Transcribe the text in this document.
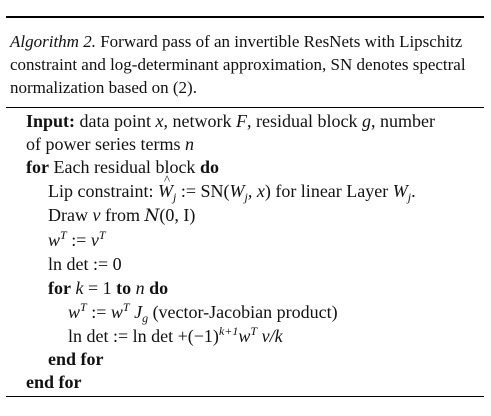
Algorithm 2. Forward pass of an invertible ResNets with Lipschitz constraint and log-determinant approximation, SN denotes spectral normalization based on (2).

Input: data point x, network F, residual block g, number
of power series terms n
for Each residual block do
Lip constraint: ^ $W_j$ := $SN(W_j$, x) for linear Layer $W_j$.
Draw v from N(0, I)
$w^T$ := $v^T$
ln det := 0
for k = 1 to n do
$w^T$ := $w^T$ $J_g$ (vector-Jacobian product)
ln det := $\ln \det +(-1)^{k+1}w^T$ v/k
end for
end for
